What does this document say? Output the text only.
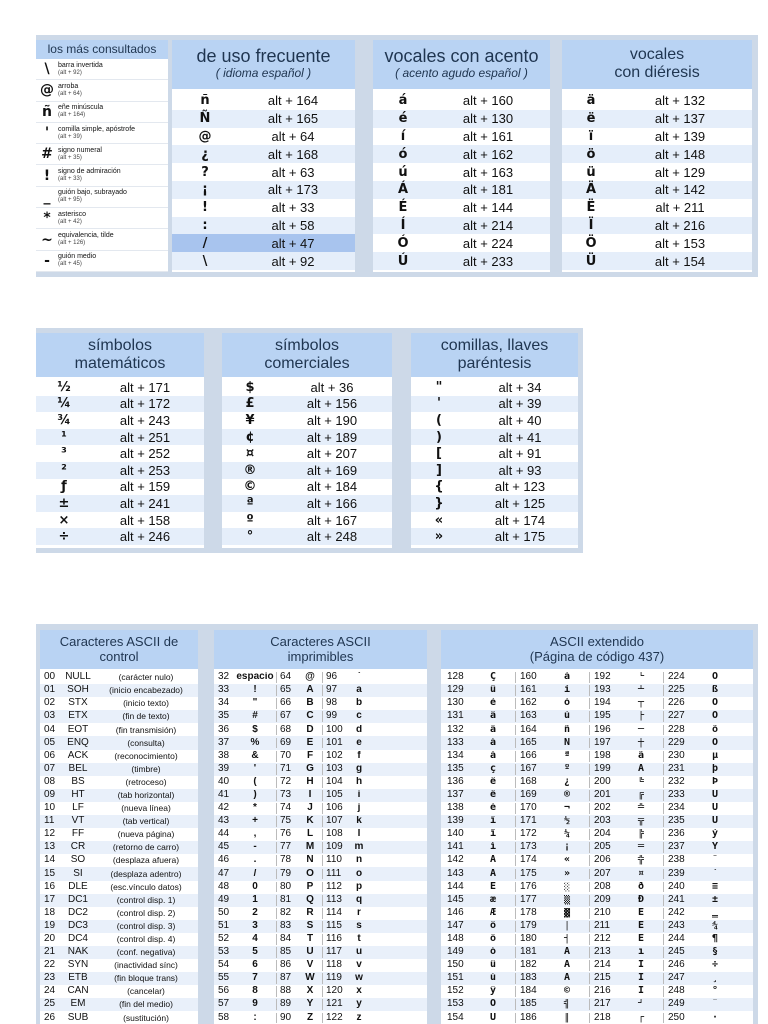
los más consultados
\	barra invertida
(alt + 92)
@ arroba
(alt + 64)
ñ eñe minúscula
(alt + 164)
'	comilla simple, apóstrofe
(alt + 39)
# signo numeral
(alt + 35)
!	signo de admiración
(alt + 33)
_	guión bajo, subrayado
(alt + 95)
*	asterisco
(alt + 42)
~ equivalencia, tilde
(alt + 126)
-	guión medio
(alt + 45)
de uso frecuente
( idioma español )
ñ	alt + 164
Ñ	alt + 165
@	alt + 64
¿	alt + 168
?	alt + 63
¡	alt + 173
!	alt + 33
:	alt + 58
/	alt + 47
\	alt + 92
vocales con acento
( acento agudo español )
á	alt + 160
é	alt + 130
í	alt + 161
ó	alt + 162
ú	alt + 163
Á	alt + 181
É	alt + 144
Í	alt + 214
Ó	alt + 224
Ú	alt + 233
vocales
con diéresis
ä	alt + 132
ë	alt + 137
ï	alt + 139
ö	alt + 148
ü	alt + 129
Ä	alt + 142
Ë	alt + 211
Ï	alt + 216
Ö	alt + 153
Ü	alt + 154
símbolos
matemáticos
½	alt + 171
¼	alt + 172
¾	alt + 243
¹	alt + 251
³	alt + 252
²	alt + 253
ƒ	alt + 159
±	alt + 241
×	alt + 158
÷	alt + 246
símbolos
comerciales
$	alt + 36
£	alt + 156
¥	alt + 190
¢	alt + 189
¤	alt + 207
®	alt + 169
©	alt + 184
ª	alt + 166
º	alt + 167
°	alt + 248
comillas, llaves
paréntesis
"	alt + 34
'	alt + 39
(	alt + 40
)	alt + 41
[	alt + 91
]	alt + 93
{	alt + 123
}	alt + 125
«	alt + 174
»	alt + 175
Caracteres ASCII de
control
00	NULL	(carácter nulo)
01	SOH	(inicio encabezado)
02	STX	(inicio texto)
03	ETX	(fin de texto)
04	EOT	(fin transmisión)
05	ENQ	(consulta)
06	ACK	(reconocimiento)
07	BEL	(timbre)
08	BS	(retroceso)
09	HT	(tab horizontal)
10	LF	(nueva línea)
11	VT	(tab vertical)
12	FF	(nueva página)
13	CR	(retorno de carro)
14	SO	(desplaza afuera)
15	SI	(desplaza adentro)
16	DLE	(esc.vínculo datos)
17	DC1	(control disp. 1)
18	DC2	(control disp. 2)
19	DC3	(control disp. 3)
20	DC4	(control disp. 4)
21	NAK	(conf. negativa)
22	SYN	(inactividad sínc)
23	ETB	(fin bloque trans)
24	CAN	(cancelar)
25	EM	(fin del medio)
26	SUB	(sustitución)
Caracteres ASCII
imprimibles
32 espacio 64	@	96	`
33	!	65	A	97	a
34	"	66	B	98	b
35	#	67	C	99	c
36	$	68	D	100	d
37	%	69	E	101	e
38	&	70	F	102	f
39	'	71	G	103	g
40	(	72	H	104	h
41	)	73	I	105	i
42	*	74	J	106	j
43	+	75	K	107	k
44	,	76	L	108	l
45	-	77	M	109	m
46	.	78	N	110	n
47	/	79	O	111	o
48	0	80	P	112	p
49	1	81	Q	113	q
50	2	82	R	114	r
51	3	83	S	115	s
52	4	84	T	116	t
53	5	85	U	117	u
54	6	86	V	118	v
55	7	87	W	119	w
56	8	88	X	120	x
57	9	89	Y	121	y
58	:	90	Z	122	z
ASCII extendido
(Página de código 437)
128	Ç	160	á	192	└	224	Ó
129	ü	161	í	193	┴	225	ß
130	é	162	ó	194	┬	226	Ô
131	â	163	ú	195	├	227	Ò
132	ä	164	ñ	196	─	228	õ
133	à	165	Ñ	197	┼	229	Õ
134	å	166	ª	198	ã	230	µ
135	ç	167	º	199	Ã	231	þ
136	ê	168	¿	200	╚	232	Þ
137	ë	169	®	201	╔	233	Ú
138	è	170	¬	202	╩	234	Û
139	ï	171	½	203	╦	235	Ù
140	î	172	¼	204	╠	236	ý
141	ì	173	¡	205	═	237	Ý
142	Ä	174	«	206	╬	238	¯
143	Å	175	»	207	¤	239	´
144	É	176	░	208	ð	240	≡
145	æ	177	▒	209	Ð	241	±
146	Æ	178	▓	210	Ê	242	‗
147	ô	179	│	211	Ë	243	¾
148	ö	180	┤	212	È	244	¶
149	ò	181	Á	213	ı	245	§
150	û	182	Â	214	Í	246	÷
151	ù	183	À	215	Î	247	¸
152	ÿ	184	©	216	Ï	248	°
153	Ö	185	╣	217	┘	249	¨
154	Ü	186	║	218	┌	250	·
